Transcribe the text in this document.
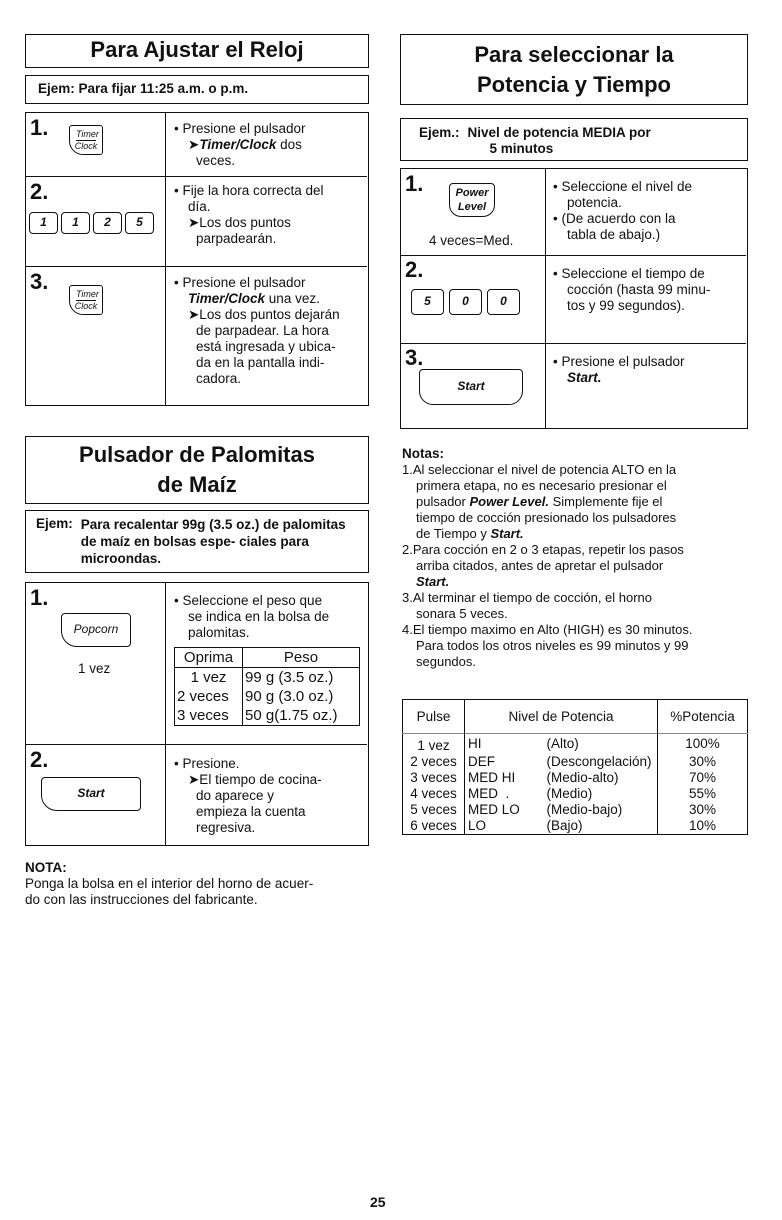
Para Ajustar el Reloj
Ejem: Para fijar 11:25 a.m. o p.m.
1.	Timer
Clock

• Presione el pulsador

➤Timer/Clock dos

veces.

2.
1	1	2	5

• Fije la hora correcta del

día.

➤Los dos puntos

parpadearán.

3.	Timer
Clock

• Presione el pulsador

Timer/Clock una vez.

➤Los dos puntos dejarán

de parpadear. La hora

está ingresada y ubica-

da en la pantalla indi-

cadora.

Pulsador de Palomitas
de Maíz
Ejem: Para recalentar 99g (3.5 oz.) de palomitas de maíz en bolsas espe- ciales para microondas.
1.
Popcorn
1 vez

• Seleccione el peso que

se indica en la bolsa de

palomitas.

Oprima	Peso
1 vez	99 g (3.5 oz.)
2 veces	90 g (3.0 oz.)
3 veces	50 g(1.75 oz.)
2.
Start

• Presione.

➤El tiempo de cocina-

do aparece y

empieza la cuenta

regresiva.

NOTA:

Ponga la bolsa en el interior del horno de acuer-

do con las instrucciones del fabricante.

Para seleccionar la
Potencia y Tiempo
Ejem.: Nivel de potencia MEDIA por
5 minutos
1.	Power
Level
4 veces=Med.

• Seleccione el nivel de

potencia.

• (De acuerdo con la

tabla de abajo.)

2.
5	0	0

• Seleccione el tiempo de

cocción (hasta 99 minu-

tos y 99 segundos).

3.
Start

• Presione el pulsador

Start.

Notas:

1.Al seleccionar el nivel de potencia ALTO en la

primera etapa, no es necesario presionar el

pulsador Power Level. Simplemente fije el

tiempo de cocción presionado los pulsadores

de Tiempo y Start.

2.Para cocción en 2 o 3 etapas, repetir los pasos

arriba citados, antes de apretar el pulsador

Start.

3.Al terminar el tiempo de cocción, el horno

sonara 5 veces.

4.El tiempo maximo en Alto (HIGH) es 30 minutos.

Para todos los otros niveles es 99 minutos y 99

segundos.

Pulse	Nivel de Potencia		%Potencia
1 vez	HI	(Alto)	100%
2 veces	DEF	(Descongelación)	30%
3 veces	MED HI	(Medio-alto)	70%
4 veces	MED  .	(Medio)	55%
5 veces	MED LO	(Medio-bajo)	30%
6 veces	LO	(Bajo)	10%
25
